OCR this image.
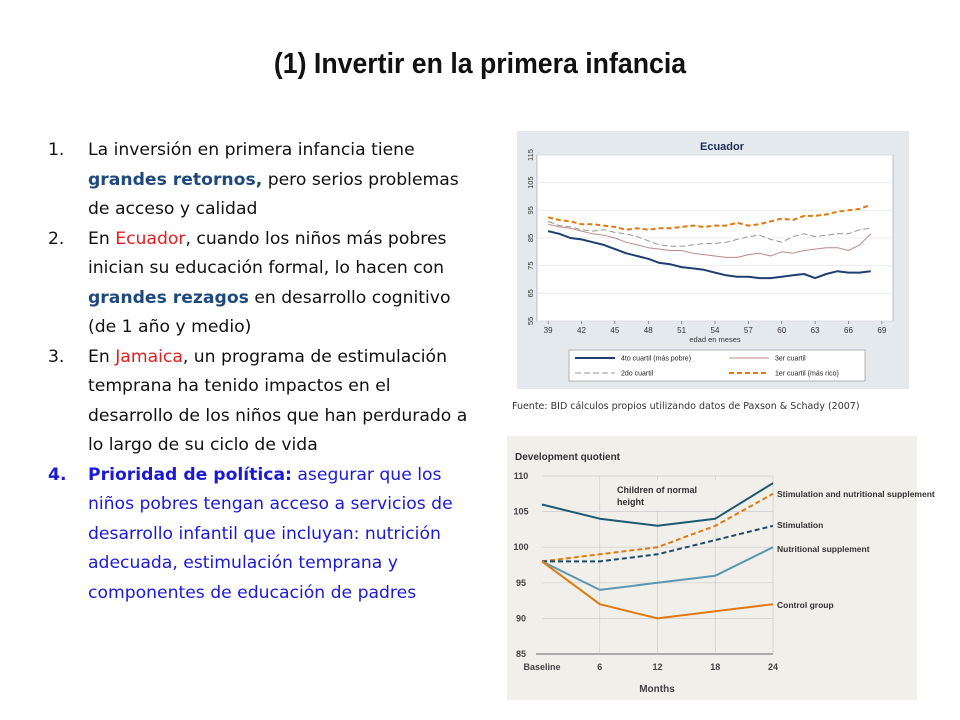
(1) Invertir en la primera infancia
1. La inversión en primera infancia tiene grandes retornos, pero serios problemas de acceso y calidad
2. En Ecuador, cuando los niños más pobres inician su educación formal, lo hacen con grandes rezagos en desarrollo cognitivo (de 1 año y medio)
3. En Jamaica, un programa de estimulación temprana ha tenido impactos en el desarrollo de los niños que han perdurado a lo largo de su ciclo de vida
4. Prioridad de política: asegurar que los niños pobres tengan acceso a servicios de desarrollo infantil que incluyan: nutrición adecuada, estimulación temprana y componentes de educación de padres
Ecuador
55
65
75
85
95
105
115
39	42	45	48	51	54	57	60	63	66	69
edad en meses
4to cuartil (más pobre)	3er cuartil
2do cuartil	1er cuartil (más rico)
Fuente: BID cálculos propios utilizando datos de Paxson & Schady (2007)
Development quotient
85
90
95
100
105
110
Baseline	6	12	18	24
Months
Children of normal height
Stimulation and nutritional supplement
Stimulation
Nutritional supplement
Control group
